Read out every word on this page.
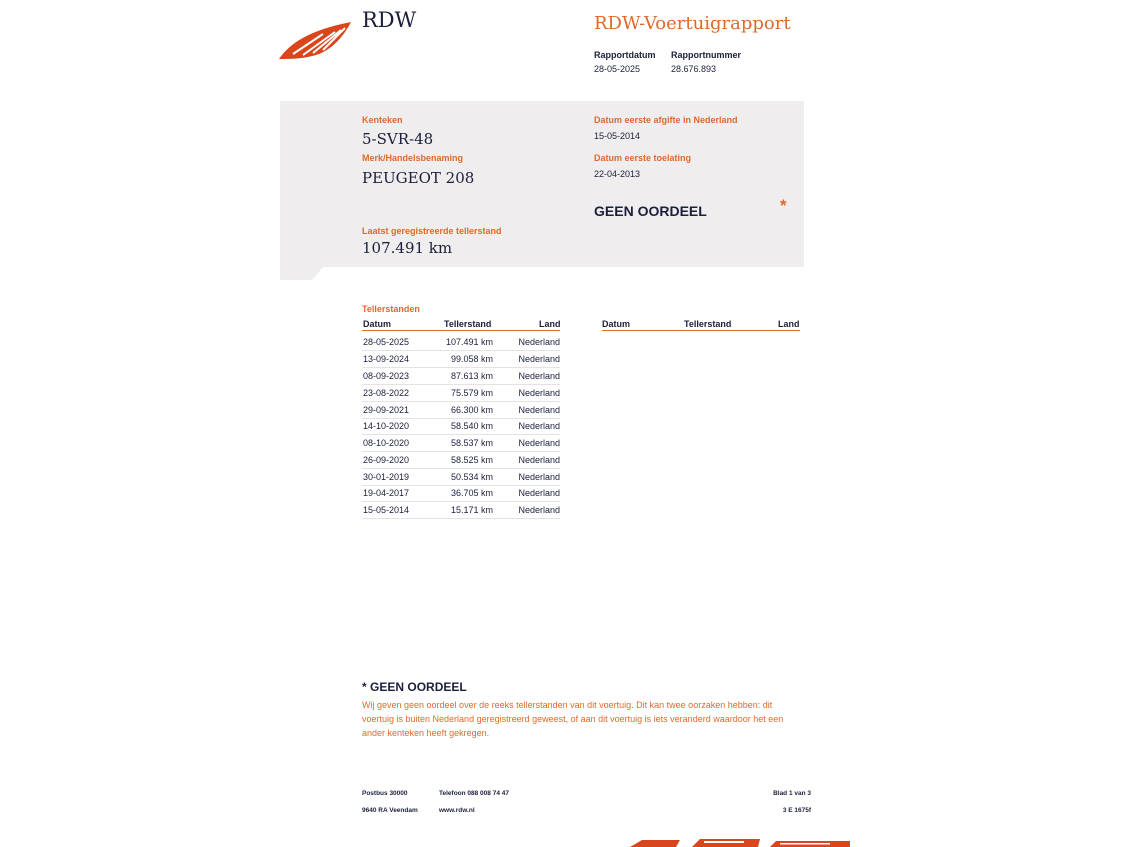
RDW	RDW-Voertuigrapport
Rapportdatum
28-05-2025
Rapportnummer
28.676.893
Kenteken
5-SVR-48
Merk/Handelsbenaming
PEUGEOT 208
Datum eerste afgifte in Nederland
15-05-2014
Datum eerste toelating
22-04-2013
GEEN OORDEEL	*
Laatst geregistreerde tellerstand
107.491 km
Tellerstanden
Datum	Tellerstand	Land
28-05-2025	107.491 km	Nederland
13-09-2024	99.058 km	Nederland
08-09-2023	87.613 km	Nederland
23-08-2022	75.579 km	Nederland
29-09-2021	66.300 km	Nederland
14-10-2020	58.540 km	Nederland
08-10-2020	58.537 km	Nederland
26-09-2020	58.525 km	Nederland
30-01-2019	50.534 km	Nederland
19-04-2017	36.705 km	Nederland
15-05-2014	15.171 km	Nederland
Datum	Tellerstand	Land
* GEEN OORDEEL
Wij geven geen oordeel over de reeks tellerstanden van dit voertuig. Dit kan twee oorzaken hebben: dit
voertuig is buiten Nederland geregistreerd geweest, of aan dit voertuig is iets veranderd waardoor het een
ander kenteken heeft gekregen.
Postbus 30000
9640 RA Veendam
Telefoon 088 008 74 47
www.rdw.nl
Blad 1 van 3
3 E 1675f
